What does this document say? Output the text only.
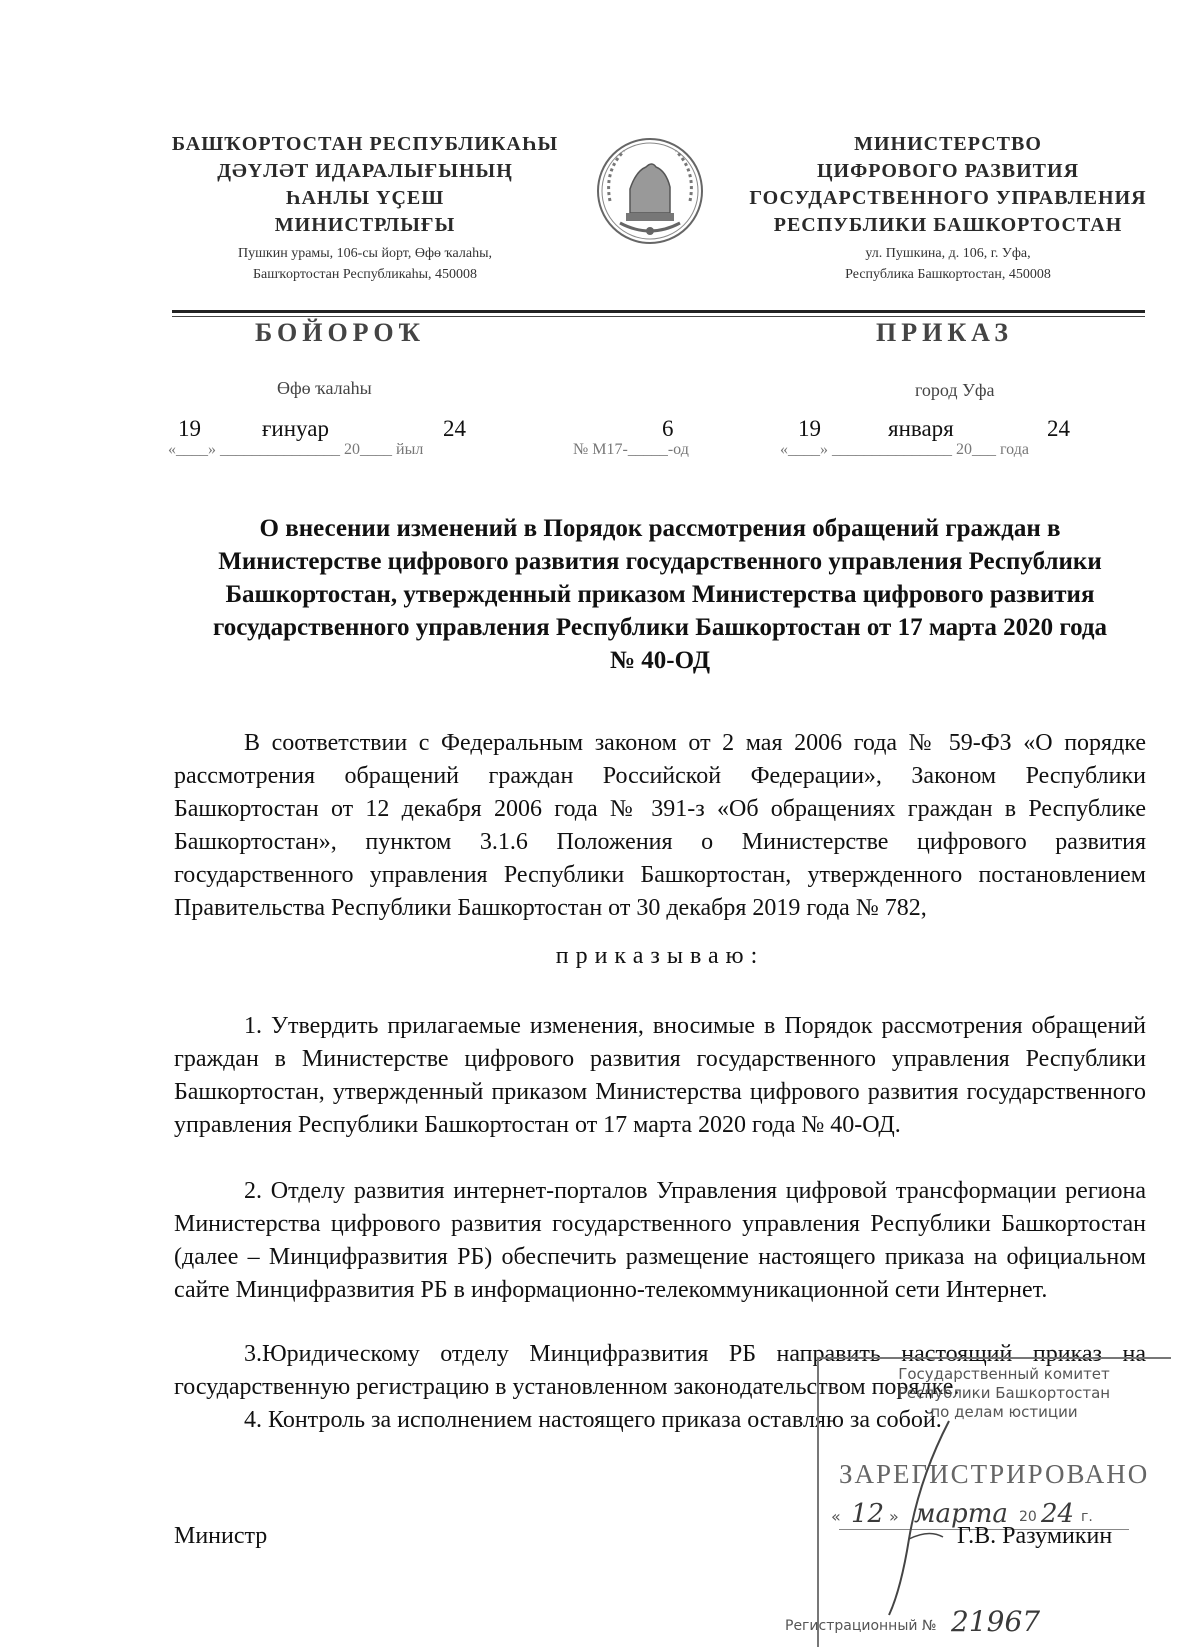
БАШҠОРТОСТАН РЕСПУБЛИКАҺЫ
ДӘҮЛӘТ ИДАРАЛЫҒЫНЫҢ
ҺАНЛЫ ҮҪЕШ
МИНИСТРЛЫҒЫ
Пушкин урамы, 106-сы йорт, Өфө ҡалаһы,
Башҡортостан Республикаһы, 450008
МИНИСТЕРСТВО
ЦИФРОВОГО РАЗВИТИЯ
ГОСУДАРСТВЕННОГО УПРАВЛЕНИЯ
РЕСПУБЛИКИ БАШКОРТОСТАН
ул. Пушкина, д. 106, г. Уфа,
Республика Башкортостан, 450008
БОЙОРОҠ	ПРИКАЗ
Өфө ҡалаһы	город Уфа
«____» _______________ 20____ йыл	№ М17-_____-од	«____» _______________ 20___ года
19	ғинуар	24	6	19	января	24
О внесении изменений в Порядок рассмотрения обращений граждан в Министерстве цифрового развития государственного управления Республики Башкортостан, утвержденный приказом Министерства цифрового развития государственного управления Республики Башкортостан от 17 марта 2020 года № 40-ОД
В соответствии с Федеральным законом от 2 мая 2006 года № 59-ФЗ «О порядке рассмотрения обращений граждан Российской Федерации», Законом Республики Башкортостан от 12 декабря 2006 года № 391-з «Об обращениях граждан в Республике Башкортостан», пунктом 3.1.6 Положения о Министерстве цифрового развития государственного управления Республики Башкортостан, утвержденного постановлением Правительства Республики Башкортостан от 30 декабря 2019 года № 782,
приказываю:
1. Утвердить прилагаемые изменения, вносимые в Порядок рассмотрения обращений граждан в Министерстве цифрового развития государственного управления Республики Башкортостан, утвержденный приказом Министерства цифрового развития государственного управления Республики Башкортостан от 17 марта 2020 года № 40-ОД.
2. Отделу развития интернет-порталов Управления цифровой трансформации региона Министерства цифрового развития государственного управления Республики Башкортостан (далее – Минцифразвития РБ) обеспечить размещение настоящего приказа на официальном сайте Минцифразвития РБ в информационно-телекоммуникационной сети Интернет.
3.Юридическому отделу Минцифразвития РБ направить настоящий приказ на государственную регистрацию в установленном законодательством порядке.
4. Контроль за исполнением настоящего приказа оставляю за собой.
Министр
Государственный комитет
Республики Башкортостан
по делам юстиции
ЗАРЕГИСТРИРОВАНО
« 12 » марта 20 24 г.
Регистрационный № 21967
Г.В. Разумикин
